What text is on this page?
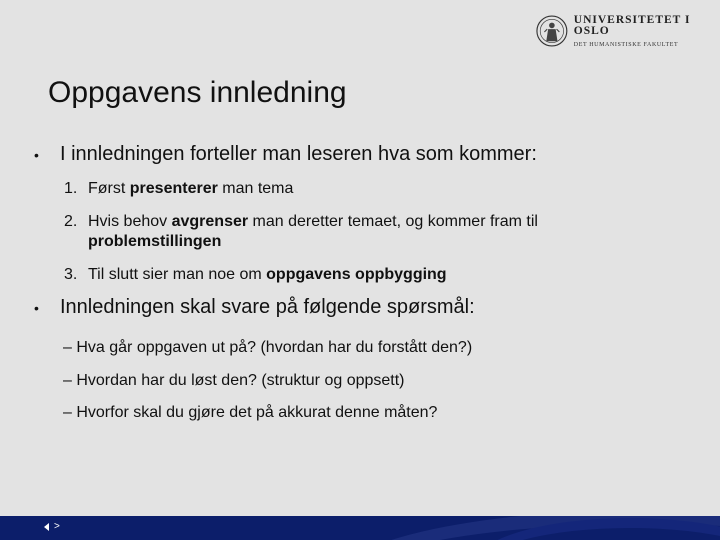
UNIVERSITETET I OSLO
DET HUMANISTISKE FAKULTET
Oppgavens innledning
•	I innledningen forteller man leseren hva som kommer:
1. Først presenterer man tema
2. Hvis behov avgrenser man deretter temaet, og kommer fram til
problemstillingen
3. Til slutt sier man noe om oppgavens oppbygging
•	Innledningen skal svare på følgende spørsmål:
– Hva går oppgaven ut på? (hvordan har du forstått den?)
– Hvordan har du løst den? (struktur og oppsett)
– Hvorfor skal du gjøre det på akkurat denne måten?
>
